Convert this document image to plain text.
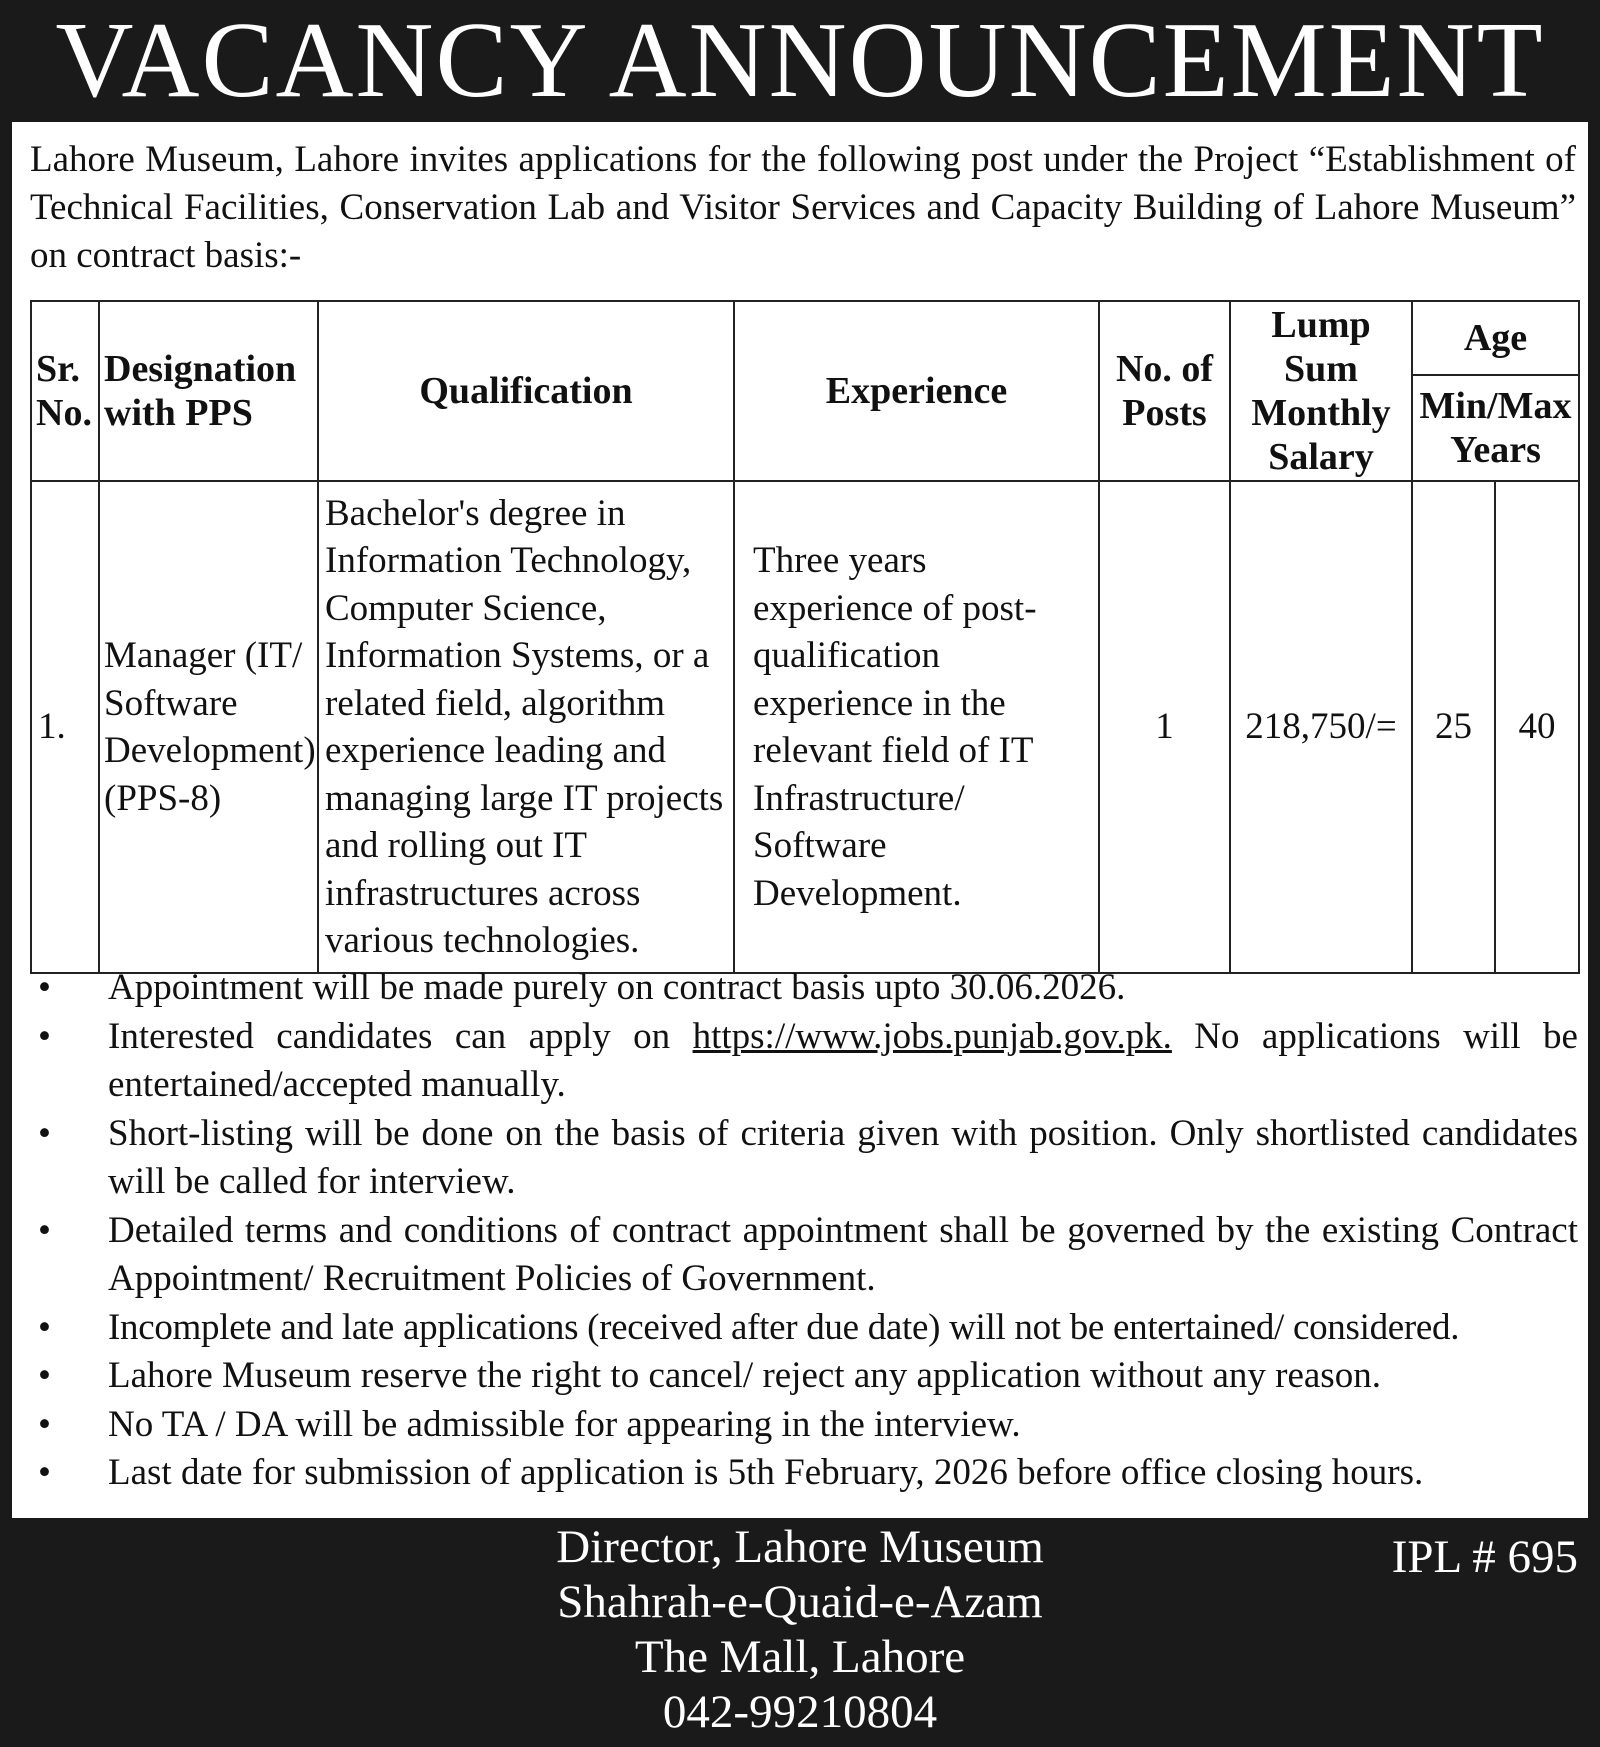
VACANCY ANNOUNCEMENT
Lahore Museum, Lahore invites applications for the following post under the Project “Establishment of Technical Facilities, Conservation Lab and Visitor Services and Capacity Building of Lahore Museum” on contract basis:-
Sr. No.	Designation with PPS	Qualification	Experience	No. of Posts	Lump Sum Monthly Salary	Age	
						Min/Max Years	
1.	Manager (IT/ Software Development) (PPS-8)	Bachelor's degree in Information Technology, Computer Science, Information Systems, or a related field, algorithm experience leading and managing large IT projects and rolling out IT infrastructures across various technologies.	Three years experience of post-qualification experience in the relevant field of IT Infrastructure/ Software Development.	1	218,750/=	25	40
• Appointment will be made purely on contract basis upto 30.06.2026.
• Interested candidates can apply on https://www.jobs.punjab.gov.pk. No applications will be entertained/accepted manually.
• Short-listing will be done on the basis of criteria given with position. Only shortlisted candidates will be called for interview.
• Detailed terms and conditions of contract appointment shall be governed by the existing Contract Appointment/ Recruitment Policies of Government.
• Incomplete and late applications (received after due date) will not be entertained/ considered.
• Lahore Museum reserve the right to cancel/ reject any application without any reason.
• No TA / DA will be admissible for appearing in the interview.
• Last date for submission of application is 5th February, 2026 before office closing hours.
Director, Lahore Museum
Shahrah-e-Quaid-e-Azam
The Mall, Lahore
042-99210804
IPL # 695
